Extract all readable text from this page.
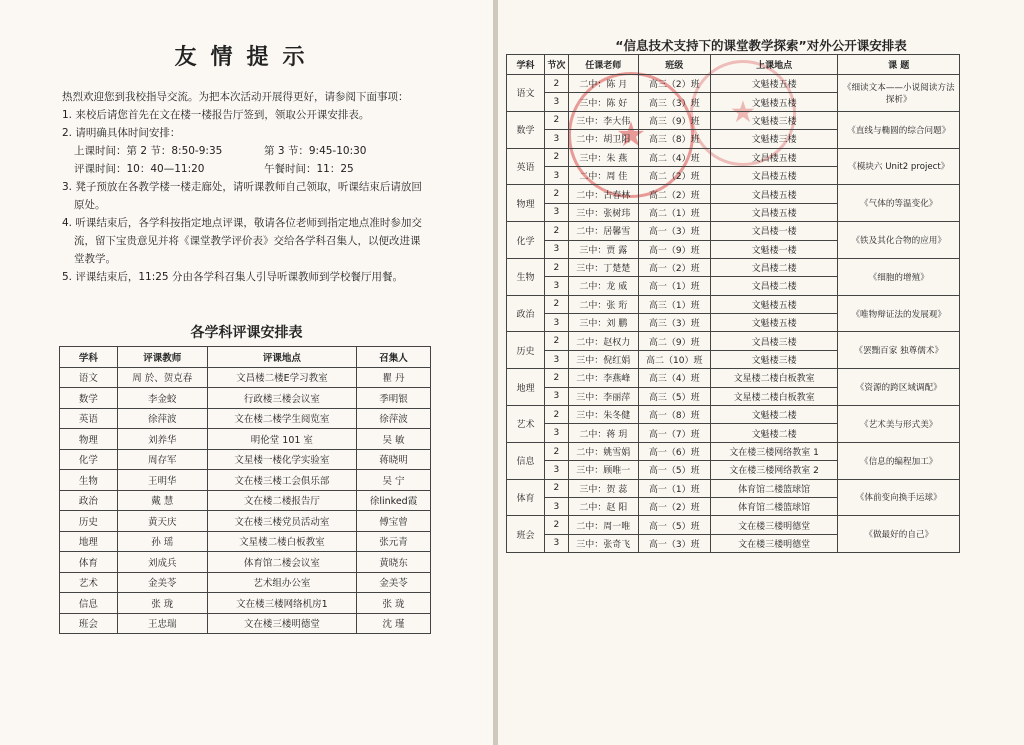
友情提示

热烈欢迎您到我校指导交流。为把本次活动开展得更好，请参阅下面事项：

1. 来校后请您首先在文在楼一楼报告厅签到，领取公开课安排表。

2. 请明确具体时间安排：

上课时间：第 2 节：8:50-9:35	第 3 节：9:45-10:30
评课时间：10：40—11:20	午餐时间：11：25

3. 凳子预放在各教学楼一楼走廊处，请听课教师自己领取，听课结束后请放回

原处。

4. 听课结束后，各学科按指定地点评课，敬请各位老师到指定地点准时参加交

流，留下宝贵意见并将《课堂教学评价表》交给各学科召集人，以便改进课

堂教学。

5. 评课结束后，11:25 分由各学科召集人引导听课教师到学校餐厅用餐。

各学科评课安排表
学科	评课教师	评课地点	召集人
语文	周 於、贺克春	文昌楼二楼E学习教室	瞿 丹
数学	李金蛟	行政楼三楼会议室	季明银
英语	徐萍波	文在楼二楼学生阅览室	徐萍波
物理	刘养华	明伦堂 101 室	吴 敏
化学	周存军	文星楼一楼化学实验室	蒋晓明
生物	王明华	文在楼三楼工会俱乐部	吴 宁
政治	戴 慧	文在楼二楼报告厅	徐linked霞
历史	黄天庆	文在楼三楼党员活动室	傅宝曾
地理	孙 瑶	文星楼二楼白板教室	张元青
体育	刘成兵	体育馆二楼会议室	黄晓东
艺术	金美苓	艺术组办公室	金美苓
信息	张 珑	文在楼三楼网络机房1	张 珑
班会	王忠瑞	文在楼三楼明德堂	沈 瑾
★
★
“信息技术支持下的课堂教学探索”对外公开课安排表
学科	节次	任课老师	班级	上课地点	课 题
语文	2	二中：陈 月	高三（2）班	文魁楼五楼	《细读文本——小说阅读方法探析》
	3	三中：陈 好	高三（3）班	文魁楼五楼	
数学	2	三中：李大伟	高三（9）班	文魁楼三楼	《直线与椭圆的综合问题》
	3	二中：胡卫阳	高三（8）班	文魁楼三楼	
英语	2	三中：朱 燕	高二（4）班	文昌楼五楼	《模块六 Unit2 project》
	3	二中：周 佳	高二（2）班	文昌楼五楼	
物理	2	二中：古春林	高二（2）班	文昌楼五楼	《气体的等温变化》
	3	三中：张树玮	高二（1）班	文昌楼五楼	
化学	2	二中：居馨雪	高一（3）班	文昌楼一楼	《铁及其化合物的应用》
	3	三中：贾 露	高一（9）班	文魁楼一楼	
生物	2	三中：丁楚楚	高一（2）班	文昌楼二楼	《细胞的增殖》
	3	二中：龙 威	高一（1）班	文昌楼二楼	
政治	2	二中：张 珩	高三（1）班	文魁楼五楼	《唯物辩证法的发展观》
	3	三中：刘 鹏	高三（3）班	文魁楼五楼	
历史	2	二中：赵权力	高二（9）班	文昌楼三楼	《罢黜百家 独尊儒术》
	3	三中：倪红娟	高二（10）班	文魁楼三楼	
地理	2	二中：李燕峰	高三（4）班	文星楼二楼白板教室	《资源的跨区域调配》
	3	三中：李丽萍	高三（5）班	文星楼二楼白板教室	
艺术	2	三中：朱冬健	高一（8）班	文魁楼二楼	《艺术美与形式美》
	3	二中：蒋 玥	高一（7）班	文魁楼二楼	
信息	2	二中：姚雪娟	高一（6）班	文在楼三楼网络教室 1	《信息的编程加工》
	3	三中：顾唯一	高一（5）班	文在楼三楼网络教室 2	
体育	2	三中：贺 蕊	高一（1）班	体育馆二楼篮球馆	《体前变向换手运球》
	3	二中：赵 阳	高一（2）班	体育馆二楼篮球馆	
班会	2	二中：周一唯	高一（5）班	文在楼三楼明德堂	《做最好的自己》
	3	三中：张奇飞	高一（3）班	文在楼三楼明德堂	
